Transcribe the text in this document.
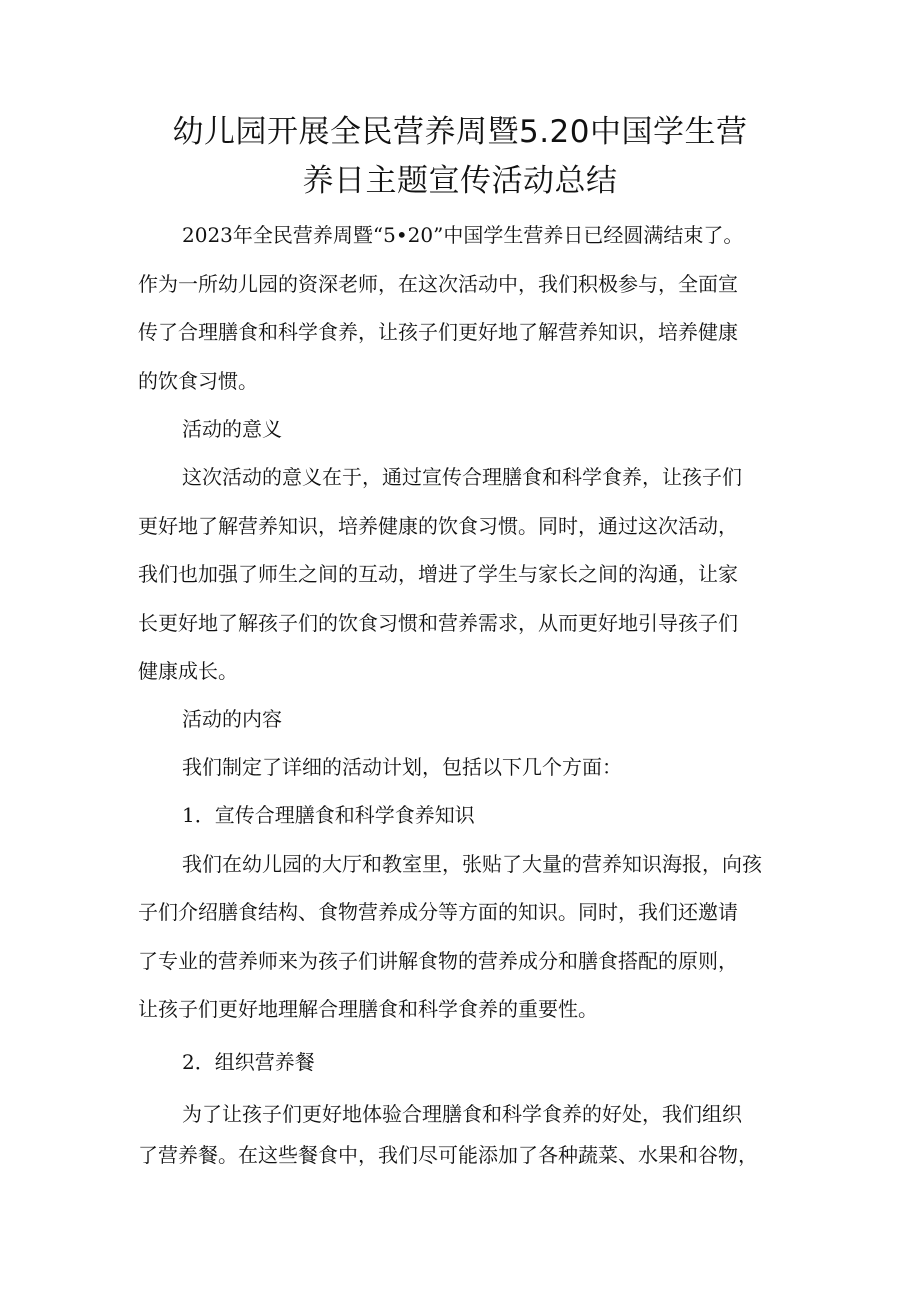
幼儿园开展全民营养周暨5.20中国学生营
养日主题宣传活动总结
2023年全民营养周暨“5•20”中国学生营养日已经圆满结束了。
作为一所幼儿园的资深老师，在这次活动中，我们积极参与，全面宣
传了合理膳食和科学食养，让孩子们更好地了解营养知识，培养健康
的饮食习惯。
活动的意义
这次活动的意义在于，通过宣传合理膳食和科学食养，让孩子们
更好地了解营养知识，培养健康的饮食习惯。同时，通过这次活动，
我们也加强了师生之间的互动，增进了学生与家长之间的沟通，让家
长更好地了解孩子们的饮食习惯和营养需求，从而更好地引导孩子们
健康成长。
活动的内容
我们制定了详细的活动计划，包括以下几个方面：
1．宣传合理膳食和科学食养知识
我们在幼儿园的大厅和教室里，张贴了大量的营养知识海报，向孩
子们介绍膳食结构、食物营养成分等方面的知识。同时，我们还邀请
了专业的营养师来为孩子们讲解食物的营养成分和膳食搭配的原则，
让孩子们更好地理解合理膳食和科学食养的重要性。
2．组织营养餐
为了让孩子们更好地体验合理膳食和科学食养的好处，我们组织
了营养餐。在这些餐食中，我们尽可能添加了各种蔬菜、水果和谷物，
